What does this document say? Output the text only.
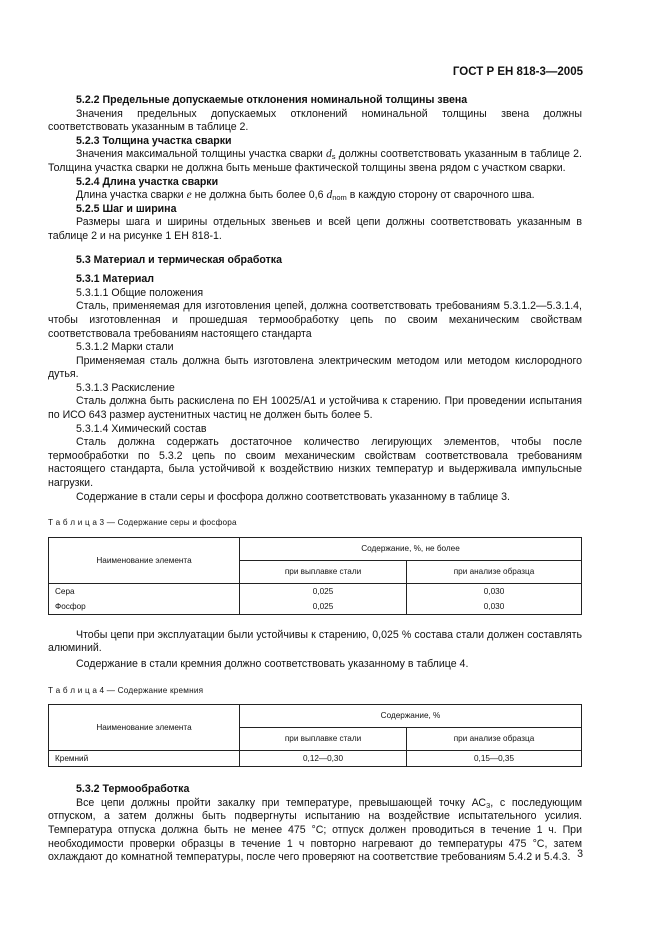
ГОСТ Р ЕН 818-3—2005
5.2.2 Предельные допускаемые отклонения номинальной толщины звена

Значения предельных допускаемых отклонений номинальной толщины звена должны соответствовать указанным в таблице 2.

5.2.3 Толщина участка сварки

Значения максимальной толщины участка сварки $d_s$ должны соответствовать указанным в таблице 2. Толщина участка сварки не должна быть меньше фактической толщины звена рядом с участком сварки.

5.2.4 Длина участка сварки

Длина участка сварки e не должна быть более 0,6 $d_{nom}$ в каждую сторону от сварочного шва.

5.2.5 Шаг и ширина

Размеры шага и ширины отдельных звеньев и всей цепи должны соответствовать указанным в таблице 2 и на рисунке 1 ЕН 818-1.

5.3 Материал и термическая обработка
5.3.1 Материал
5.3.1.1 Общие положения

Сталь, применяемая для изготовления цепей, должна соответствовать требованиям 5.3.1.2—5.3.1.4, чтобы изготовленная и прошедшая термообработку цепь по своим механическим свойствам соответствовала требованиям настоящего стандарта

5.3.1.2 Марки стали

Применяемая сталь должна быть изготовлена электрическим методом или методом кислородного дутья.

5.3.1.3 Раскисление

Сталь должна быть раскислена по ЕН 10025/А1 и устойчива к старению. При проведении испытания по ИСО 643 размер аустенитных частиц не должен быть более 5.

5.3.1.4 Химический состав

Сталь должна содержать достаточное количество легирующих элементов, чтобы после термообработки по 5.3.2 цепь по своим механическим свойствам соответствовала требованиям настоящего стандарта, была устойчивой к воздействию низких температур и выдерживала импульсные нагрузки.

Содержание в стали серы и фосфора должно соответствовать указанному в таблице 3.

Т а б л и ц а 3 — Содержание серы и фосфора
Наименование элемента	Содержание, %, не более	
	при выплавке стали	при анализе образца
Сера	0,025	0,030
Фосфор	0,025	0,030

Чтобы цепи при эксплуатации были устойчивы к старению, 0,025 % состава стали должен составлять алюминий.

Содержание в стали кремния должно соответствовать указанному в таблице 4.

Т а б л и ц а 4 — Содержание кремния
Наименование элемента	Содержание, %	
	при выплавке стали	при анализе образца
Кремний	0,12—0,30	0,15—0,35
5.3.2 Термообработка

Все цепи должны пройти закалку при температуре, превышающей точку $АС_3$, с последующим отпуском, а затем должны быть подвергнуты испытанию на воздействие испытательного усилия. Температура отпуска должна быть не менее 475 °С; отпуск должен проводиться в течение 1 ч. При необходимости проверки образцы в течение 1 ч повторно нагревают до температуры 475 °С, затем охлаждают до комнатной температуры, после чего проверяют на соответствие требованиям 5.4.2 и 5.4.3. 3
